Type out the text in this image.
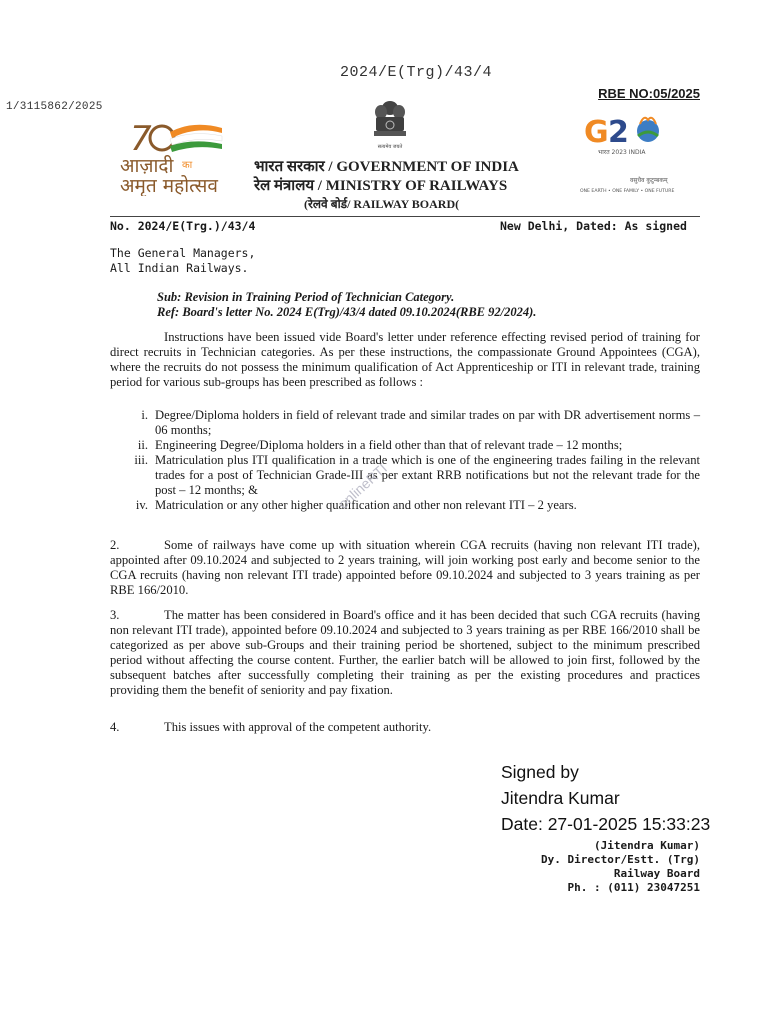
2024/E(Trg)/43/4
1/3115862/2025
RBE NO:05/2025
7
आज़ादी का
अमृत महोत्सव
सत्यमेव जयते	G 2
भारत 2023 INDIA
वसुधैव कुटुम्बकम्
ONE EARTH • ONE FAMILY • ONE FUTURE
भारत सरकार / GOVERNMENT OF INDIA
रेल मंत्रालय / MINISTRY OF RAILWAYS
(रेलवे बोर्ड/ RAILWAY BOARD(
No. 2024/E(Trg.)/43/4	New Delhi, Dated: As signed
The General Managers,
All Indian Railways.
Sub: Revision in Training Period of Technician Category.
Ref: Board's letter No. 2024 E(Trg)/43/4 dated 09.10.2024(RBE 92/2024).
Instructions have been issued vide Board's letter under reference effecting revised period of training for direct recruits in Technician categories. As per these instructions, the compassionate Ground Appointees (CGA), where the recruits do not possess the minimum qualification of Act Apprenticeship or ITI in relevant trade, training period for various sub-groups has been prescribed as follows :
i. Degree/Diploma holders in field of relevant trade and similar trades on par with DR advertisement norms – 06 months;
ii. Engineering Degree/Diploma holders in a field other than that of relevant trade – 12 months;
iii. Matriculation plus ITI qualification in a trade which is one of the engineering trades failing in the relevant trades for a post of Technician Grade-III as per extant RRB notifications but not the relevant trade for the post – 12 months; &
iv. Matriculation or any other higher qualification and other non relevant ITI – 2 years.
2.	Some of railways have come up with situation wherein CGA recruits (having non relevant ITI trade), appointed after 09.10.2024 and subjected to 2 years training, will join working post early and become senior to the CGA recruits (having non relevant ITI trade) appointed before 09.10.2024 and subjected to 3 years training as per RBE 166/2010.
3.	The matter has been considered in Board's office and it has been decided that such CGA recruits (having non relevant ITI trade), appointed before 09.10.2024 and subjected to 3 years training as per RBE 166/2010 shall be categorized as per above sub-Groups and their training period be shortened, subject to the minimum prescribed period without affecting the course content. Further, the earlier batch will be allowed to join first, followed by the subsequent batches after successfully completing their training as per the existing procedures and practices providing them the benefit of seniority and pay fixation.
4.	This issues with approval of the competent authority.
onlineRTI
Signed by
Jitendra Kumar
Date: 27-01-2025 15:33:23
(Jitendra Kumar)
Dy. Director/Estt. (Trg)
Railway Board
Ph. : (011) 23047251
